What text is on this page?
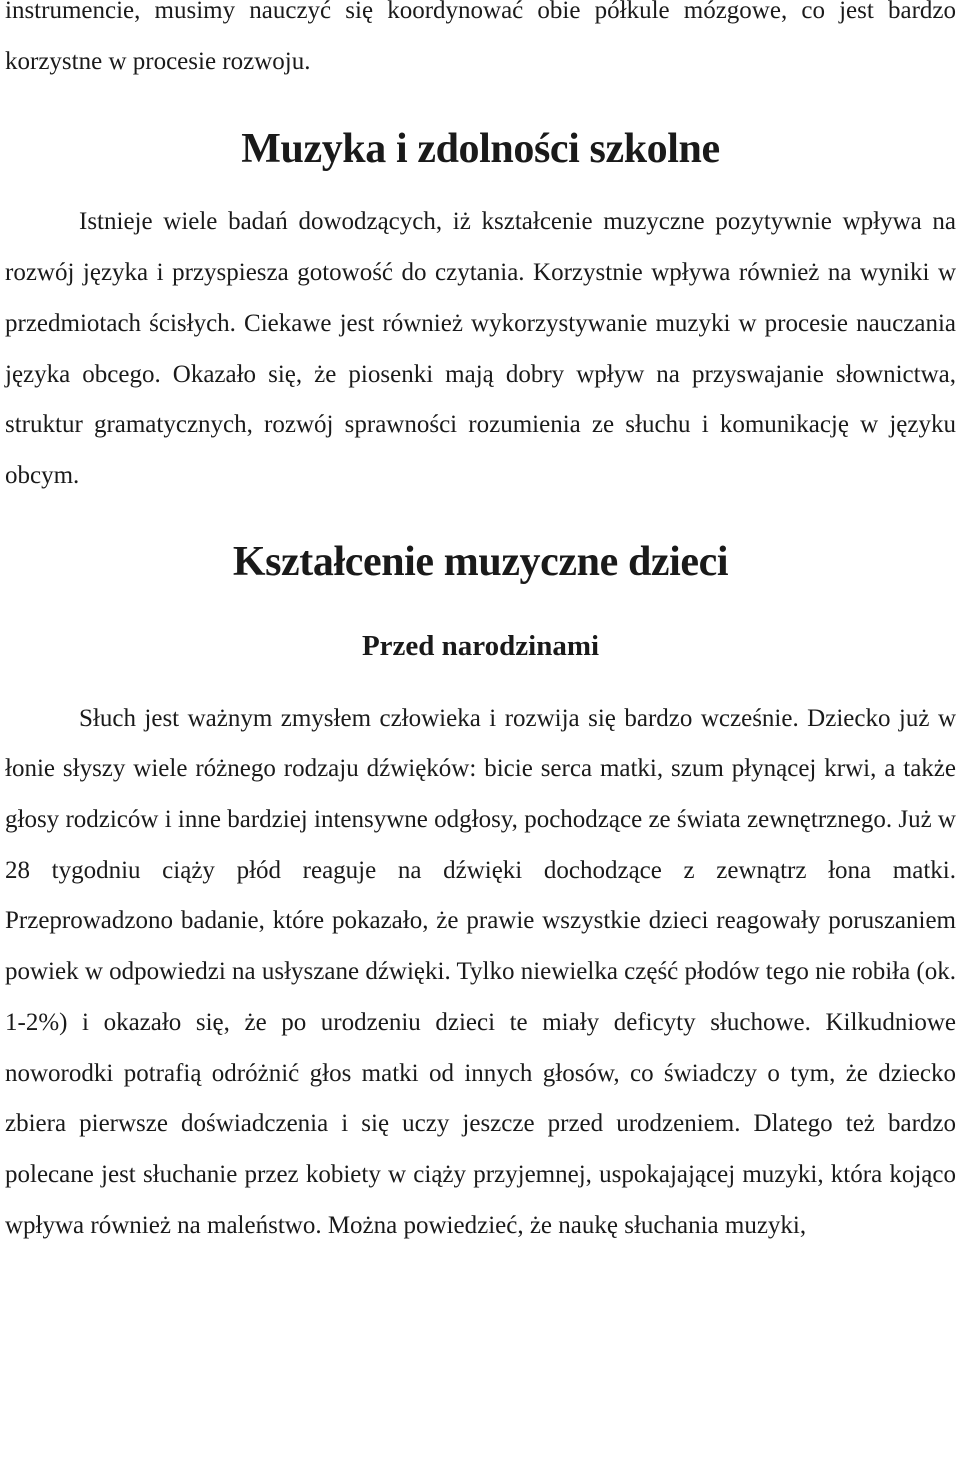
instrumencie, musimy nauczyć się koordynować obie półkule mózgowe, co jest bardzo korzystne w procesie rozwoju.

Muzyka i zdolności szkolne

Istnieje wiele badań dowodzących, iż kształcenie muzyczne pozytywnie wpływa na rozwój języka i przyspiesza gotowość do czytania. Korzystnie wpływa również na wyniki w przedmiotach ścisłych. Ciekawe jest również wykorzystywanie muzyki w procesie nauczania języka obcego. Okazało się, że piosenki mają dobry wpływ na przyswajanie słownictwa, struktur gramatycznych, rozwój sprawności rozumienia ze słuchu i komunikację w języku obcym.

Kształcenie muzyczne dzieci
Przed narodzinami

Słuch jest ważnym zmysłem człowieka i rozwija się bardzo wcześnie. Dziecko już w łonie słyszy wiele różnego rodzaju dźwięków: bicie serca matki, szum płynącej krwi, a także głosy rodziców i inne bardziej intensywne odgłosy, pochodzące ze świata zewnętrznego. Już w 28 tygodniu ciąży płód reaguje na dźwięki dochodzące z zewnątrz łona matki. Przeprowadzono badanie, które pokazało, że prawie wszystkie dzieci reagowały poruszaniem powiek w odpowiedzi na usłyszane dźwięki. Tylko niewielka część płodów tego nie robiła (ok. 1-2%) i okazało się, że po urodzeniu dzieci te miały deficyty słuchowe. Kilkudniowe noworodki potrafią odróżnić głos matki od innych głosów, co świadczy o tym, że dziecko zbiera pierwsze doświadczenia i się uczy jeszcze przed urodzeniem. Dlatego też bardzo polecane jest słuchanie przez kobiety w ciąży przyjemnej, uspokajającej muzyki, która kojąco wpływa również na maleństwo. Można powiedzieć, że naukę słuchania muzyki,
